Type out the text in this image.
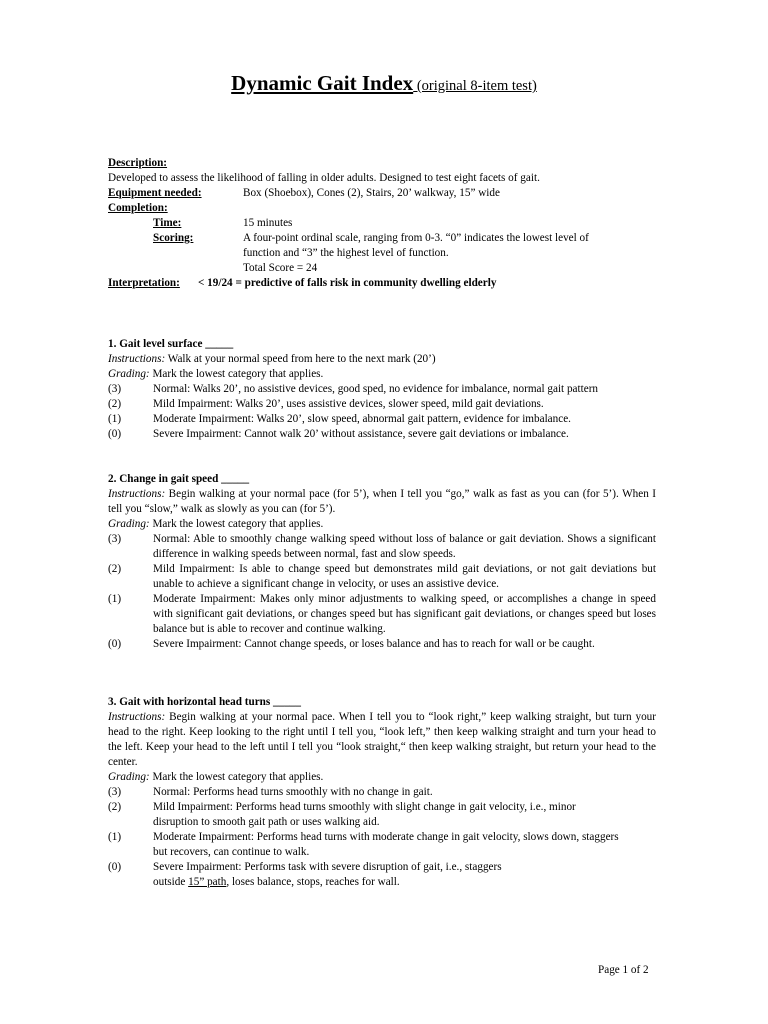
Dynamic Gait Index (original 8-item test)
Description:
Developed to assess the likelihood of falling in older adults. Designed to test eight facets of gait.
Equipment needed:	Box (Shoebox), Cones (2), Stairs, 20’ walkway, 15” wide
Completion:
Time:	15 minutes
Scoring:	A four-point ordinal scale, ranging from 0-3. “0” indicates the lowest level of
function and “3” the highest level of function.
Total Score = 24
Interpretation: < 19/24 = predictive of falls risk in community dwelling elderly
1. Gait level surface _____
Instructions: Walk at your normal speed from here to the next mark (20’)
Grading: Mark the lowest category that applies.
(3)	Normal: Walks 20’, no assistive devices, good sped, no evidence for imbalance, normal gait pattern
(2)	Mild Impairment: Walks 20’, uses assistive devices, slower speed, mild gait deviations.
(1)	Moderate Impairment: Walks 20’, slow speed, abnormal gait pattern, evidence for imbalance.
(0)	Severe Impairment: Cannot walk 20’ without assistance, severe gait deviations or imbalance.
2. Change in gait speed _____
Instructions: Begin walking at your normal pace (for 5’), when I tell you “go,” walk as fast as you can (for 5’). When I tell you “slow,” walk as slowly as you can (for 5’).
Grading: Mark the lowest category that applies.
(3)	Normal: Able to smoothly change walking speed without loss of balance or gait deviation. Shows a significant difference in walking speeds between normal, fast and slow speeds.
(2)	Mild Impairment: Is able to change speed but demonstrates mild gait deviations, or not gait deviations but unable to achieve a significant change in velocity, or uses an assistive device.
(1)	Moderate Impairment: Makes only minor adjustments to walking speed, or accomplishes a change in speed with significant gait deviations, or changes speed but has significant gait deviations, or changes speed but loses balance but is able to recover and continue walking.
(0)	Severe Impairment: Cannot change speeds, or loses balance and has to reach for wall or be caught.
3. Gait with horizontal head turns _____
Instructions: Begin walking at your normal pace. When I tell you to “look right,” keep walking straight, but turn your head to the right. Keep looking to the right until I tell you, “look left,” then keep walking straight and turn your head to the left. Keep your head to the left until I tell you “look straight,“ then keep walking straight, but return your head to the center.
Grading: Mark the lowest category that applies.
(3)	Normal: Performs head turns smoothly with no change in gait.
(2)	Mild Impairment: Performs head turns smoothly with slight change in gait velocity, i.e., minor disruption to smooth gait path or uses walking aid.
(1)	Moderate Impairment: Performs head turns with moderate change in gait velocity, slows down, staggers but recovers, can continue to walk.
(0)	Severe Impairment: Performs task with severe disruption of gait, i.e., staggers
outside 15” path, loses balance, stops, reaches for wall.
Page 1 of 2
